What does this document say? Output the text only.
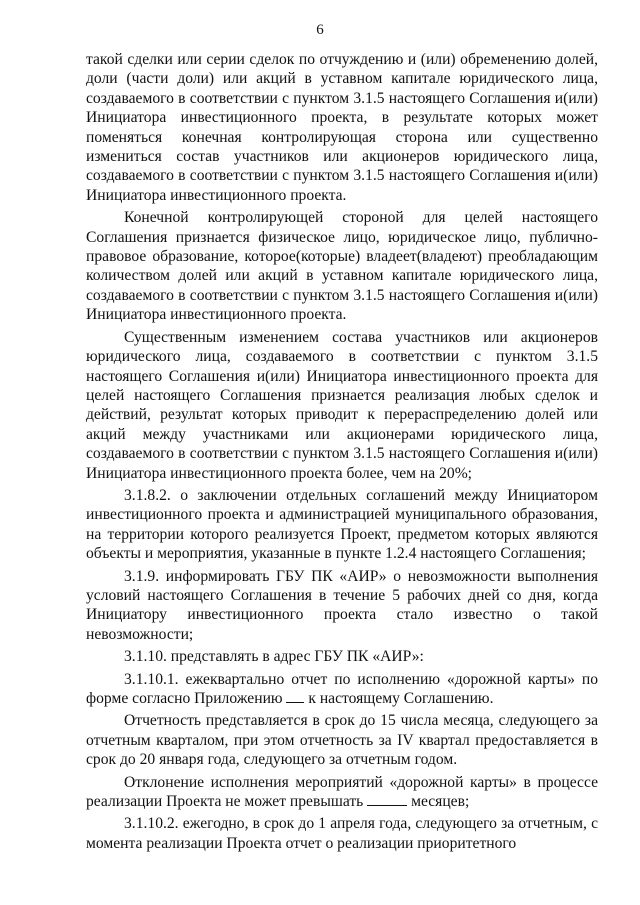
6

такой сделки или серии сделок по отчуждению и (или) обременению долей, доли (части доли) или акций в уставном капитале юридического лица, создаваемого в соответствии с пунктом 3.1.5 настоящего Соглашения и(или) Инициатора инвестиционного проекта, в результате которых может поменяться конечная контролирующая сторона или существенно измениться состав участников или акционеров юридического лица, создаваемого в соответствии с пунктом 3.1.5 настоящего Соглашения и(или) Инициатора инвестиционного проекта.

Конечной контролирующей стороной для целей настоящего Соглашения признается физическое лицо, юридическое лицо, публично-правовое образование, которое(которые) владеет(владеют) преобладающим количеством долей или акций в уставном капитале юридического лица, создаваемого в соответствии с пунктом 3.1.5 настоящего Соглашения и(или) Инициатора инвестиционного проекта.

Существенным изменением состава участников или акционеров юридического лица, создаваемого в соответствии с пунктом 3.1.5 настоящего Соглашения и(или) Инициатора инвестиционного проекта для целей настоящего Соглашения признается реализация любых сделок и действий, результат которых приводит к перераспределению долей или акций между участниками или акционерами юридического лица, создаваемого в соответствии с пунктом 3.1.5 настоящего Соглашения и(или) Инициатора инвестиционного проекта более, чем на 20%;

3.1.8.2. о заключении отдельных соглашений между Инициатором инвестиционного проекта и администрацией муниципального образования, на территории которого реализуется Проект, предметом которых являются объекты и мероприятия, указанные в пункте 1.2.4 настоящего Соглашения;

3.1.9. информировать ГБУ ПК «АИР» о невозможности выполнения условий настоящего Соглашения в течение 5 рабочих дней со дня, когда Инициатору инвестиционного проекта стало известно о такой невозможности;

3.1.10. представлять в адрес ГБУ ПК «АИР»:

3.1.10.1. ежеквартально отчет по исполнению «дорожной карты» по форме согласно Приложению  к настоящему Соглашению.

Отчетность представляется в срок до 15 числа месяца, следующего за отчетным кварталом, при этом отчетность за IV квартал предоставляется в срок до 20 января года, следующего за отчетным годом.

Отклонение исполнения мероприятий «дорожной карты» в процессе реализации Проекта не может превышать	месяцев;

3.1.10.2. ежегодно, в срок до 1 апреля года, следующего за отчетным, с момента реализации Проекта отчет о реализации приоритетного
